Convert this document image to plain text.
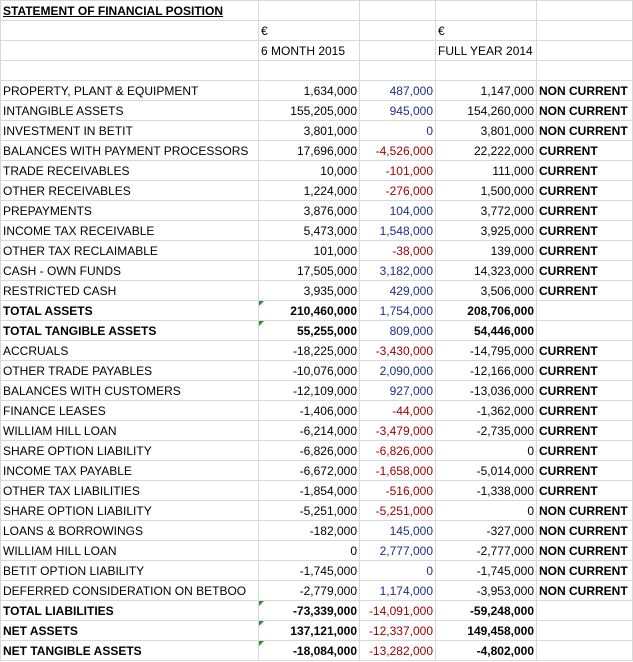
STATEMENT OF FINANCIAL POSITION				
	€		€	
	6 MONTH 2015		FULL YEAR 2014	

PROPERTY, PLANT & EQUIPMENT	1,634,000	487,000	1,147,000	NON CURRENT
INTANGIBLE ASSETS	155,205,000	945,000	154,260,000	NON CURRENT
INVESTMENT IN BETIT	3,801,000	0	3,801,000	NON CURRENT
BALANCES WITH PAYMENT PROCESSORS	17,696,000	-4,526,000	22,222,000	CURRENT
TRADE RECEIVABLES	10,000	-101,000	111,000	CURRENT
OTHER RECEIVABLES	1,224,000	-276,000	1,500,000	CURRENT
PREPAYMENTS	3,876,000	104,000	3,772,000	CURRENT
INCOME TAX RECEIVABLE	5,473,000	1,548,000	3,925,000	CURRENT
OTHER TAX RECLAIMABLE	101,000	-38,000	139,000	CURRENT
CASH - OWN FUNDS	17,505,000	3,182,000	14,323,000	CURRENT
RESTRICTED CASH	3,935,000	429,000	3,506,000	CURRENT
TOTAL ASSETS	210,460,000	1,754,000	208,706,000	
TOTAL TANGIBLE ASSETS	55,255,000	809,000	54,446,000	
ACCRUALS	-18,225,000	-3,430,000	-14,795,000	CURRENT
OTHER TRADE PAYABLES	-10,076,000	2,090,000	-12,166,000	CURRENT
BALANCES WITH CUSTOMERS	-12,109,000	927,000	-13,036,000	CURRENT
FINANCE LEASES	-1,406,000	-44,000	-1,362,000	CURRENT
WILLIAM HILL LOAN	-6,214,000	-3,479,000	-2,735,000	CURRENT
SHARE OPTION LIABILITY	-6,826,000	-6,826,000	0	CURRENT
INCOME TAX PAYABLE	-6,672,000	-1,658,000	-5,014,000	CURRENT
OTHER TAX LIABILITIES	-1,854,000	-516,000	-1,338,000	CURRENT
SHARE OPTION LIABILITY	-5,251,000	-5,251,000	0	NON CURRENT
LOANS & BORROWINGS	-182,000	145,000	-327,000	NON CURRENT
WILLIAM HILL LOAN	0	2,777,000	-2,777,000	NON CURRENT
BETIT OPTION LIABILITY	-1,745,000	0	-1,745,000	NON CURRENT
DEFERRED CONSIDERATION ON BETBOO	-2,779,000	1,174,000	-3,953,000	NON CURRENT
TOTAL LIABILITIES	-73,339,000	-14,091,000	-59,248,000	
NET ASSETS	137,121,000	-12,337,000	149,458,000	
NET TANGIBLE ASSETS	-18,084,000	-13,282,000	-4,802,000	
